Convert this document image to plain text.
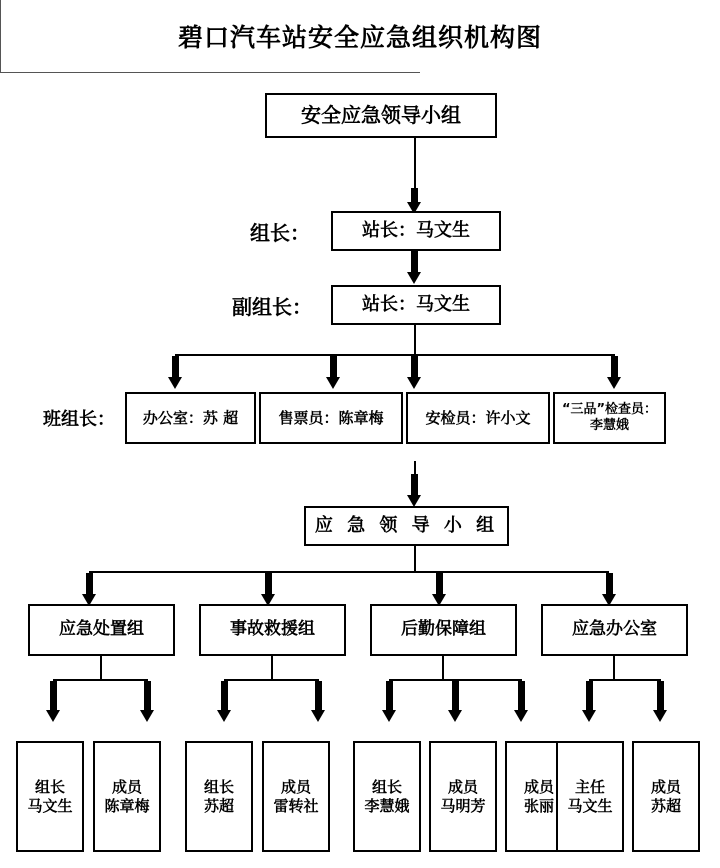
碧口汽车站安全应急组织机构图
安全应急领导小组
组长：	站长：马文生
副组长：	站长：马文生
班组长：	办公室：苏 超	售票员：陈章梅	安检员：许小文	“三品”检查员：
李慧娥
应 急 领 导 小 组
应急处置组	事故救援组	后勤保障组	应急办公室
组长
马文生
成员
陈章梅
组长
苏超
成员
雷转社
组长
李慧娥
成员
马明芳
成员
张丽
主任
马文生
成员
苏超
